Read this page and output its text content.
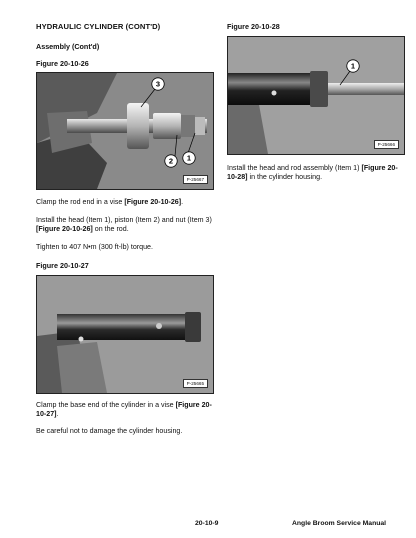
HYDRAULIC CYLINDER (CONT'D)
Assembly (Cont'd)
Figure 20-10-26
3
2 1
P-25667
Clamp the rod end in a vise [Figure 20-10-26].
Install the head (Item 1), piston (Item 2) and nut (Item 3)
[Figure 20-10-26] on the rod.
Tighten to 407 N•m (300 ft-lb) torque.
Figure 20-10-27
P-25665
Clamp the base end of the cylinder in a vise [Figure 20-
10-27].
Be careful not to damage the cylinder housing.
Figure 20-10-28
1
P-25666
Install the head and rod assembly (Item 1) [Figure 20-
10-28] in the cylinder housing.
20-10-9	Angle Broom Service Manual
